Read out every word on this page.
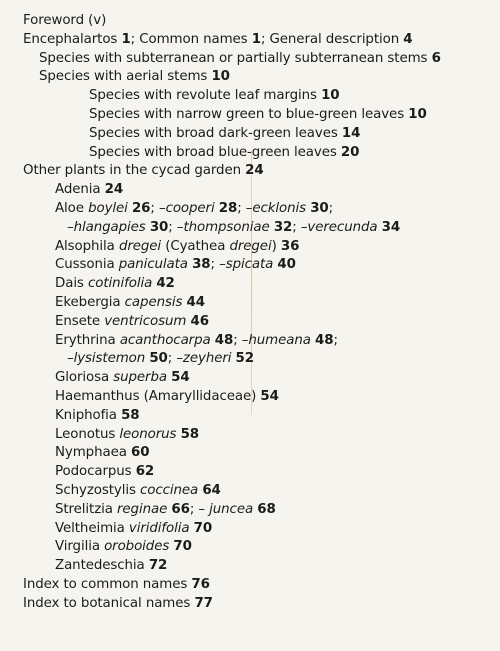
Foreword (v)
Encephalartos 1; Common names 1; General description 4
Species with subterranean or partially subterranean stems 6
Species with aerial stems 10
Species with revolute leaf margins 10
Species with narrow green to blue-green leaves 10
Species with broad dark-green leaves 14
Species with broad blue-green leaves 20
Other plants in the cycad garden 24
Adenia 24
Aloe boylei 26; –cooperi 28; –ecklonis 30;
–hlangapies 30; –thompsoniae 32; –verecunda 34
Alsophila dregei (Cyathea dregei) 36
Cussonia paniculata 38; –spicata 40
Dais cotinifolia 42
Ekebergia capensis 44
Ensete ventricosum 46
Erythrina acanthocarpa 48; –humeana 48;
–lysistemon 50; –zeyheri 52
Gloriosa superba 54
Haemanthus (Amaryllidaceae) 54
Kniphofia 58
Leonotus leonorus 58
Nymphaea 60
Podocarpus 62
Schyzostylis coccinea 64
Strelitzia reginae 66; – juncea 68
Veltheimia viridifolia 70
Virgilia oroboides 70
Zantedeschia 72
Index to common names 76
Index to botanical names 77
